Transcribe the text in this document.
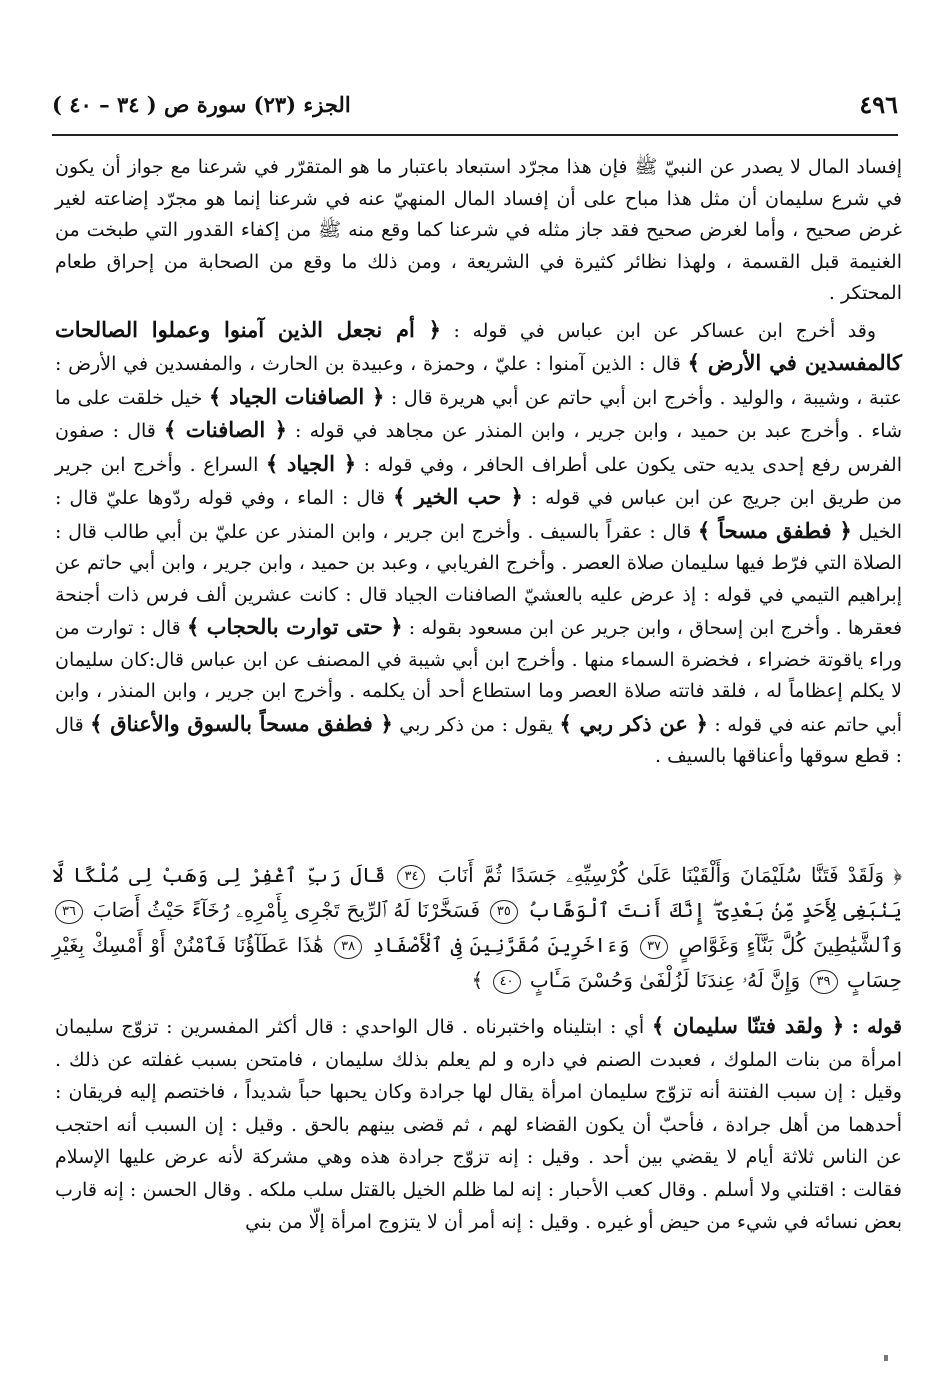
٤٩٦
الجزء (٢٣) سورة ص ( ٣٤ – ٤٠ )

إفساد المال لا يصدر عن النبيّ ﷺ فإن هذا مجرّد استبعاد باعتبار ما هو المتقرّر في شرعنا مع جواز أن يكون في شرع سليمان أن مثل هذا مباح على أن إفساد المال المنهيّ عنه في شرعنا إنما هو مجرّد إضاعته لغير غرض صحيح ، وأما لغرض صحيح فقد جاز مثله في شرعنا كما وقع منه ﷺ من إكفاء القدور التي طبخت من الغنيمة قبل القسمة ، ولهذا نظائر كثيرة في الشريعة ، ومن ذلك ما وقع من الصحابة من إحراق طعام المحتكر .

وقد أخرج ابن عساكر عن ابن عباس في قوله : ﴿ أم نجعل الذين آمنوا وعملوا الصالحات كالمفسدين في الأرض ﴾ قال : الذين آمنوا : عليّ ، وحمزة ، وعبيدة بن الحارث ، والمفسدين في الأرض : عتبة ، وشيبة ، والوليد . وأخرج ابن أبي حاتم عن أبي هريرة قال : ﴿ الصافنات الجياد ﴾ خيل خلقت على ما شاء . وأخرج عبد بن حميد ، وابن جرير ، وابن المنذر عن مجاهد في قوله : ﴿ الصافنات ﴾ قال : صفون الفرس رفع إحدى يديه حتى يكون على أطراف الحافر ، وفي قوله : ﴿ الجياد ﴾ السراع . وأخرج ابن جرير من طريق ابن جريج عن ابن عباس في قوله : ﴿ حب الخير ﴾ قال : الماء ، وفي قوله ردّوها عليّ قال : الخيل ﴿ فطفق مسحاً ﴾ قال : عقراً بالسيف . وأخرج ابن جرير ، وابن المنذر عن عليّ بن أبي طالب قال : الصلاة التي فرّط فيها سليمان صلاة العصر . وأخرج الفريابي ، وعبد بن حميد ، وابن جرير ، وابن أبي حاتم عن إبراهيم التيمي في قوله : إذ عرض عليه بالعشيّ الصافنات الجياد قال : كانت عشرين ألف فرس ذات أجنحة فعقرها . وأخرج ابن إسحاق ، وابن جرير عن ابن مسعود بقوله : ﴿ حتى توارت بالحجاب ﴾ قال : توارت من وراء ياقوتة خضراء ، فخضرة السماء منها . وأخرج ابن أبي شيبة في المصنف عن ابن عباس قال:كان سليمان لا يكلم إعظاماً له ، فلقد فاتته صلاة العصر وما استطاع أحد أن يكلمه . وأخرج ابن جرير ، وابن المنذر ، وابن أبي حاتم عنه في قوله : ﴿ عن ذكر ربي ﴾ يقول : من ذكر ربي ﴿ فطفق مسحاً بالسوق والأعناق ﴾ قال : قطع سوقها وأعناقها بالسيف .

﴿ وَلَقَدْ فَتَنَّا سُلَيْمَانَ وَأَلْقَيْنَا عَلَىٰ كُرْسِيِّهِۦ جَسَدًا ثُمَّ أَنَابَ ٣٤ قَالَ رَبِّ ٱغْفِرْ لِى وَهَبْ لِى مُلْكًا لَّا يَنۢبَغِى لِأَحَدٍ مِّنۢ بَعْدِىٓ ۖ إِنَّكَ أَنتَ ٱلْوَهَّابُ ٣٥ فَسَخَّرْنَا لَهُ ٱلرِّيحَ تَجْرِى بِأَمْرِهِۦ رُخَآءً حَيْثُ أَصَابَ ٣٦ وَٱلشَّيَٰطِينَ كُلَّ بَنَّآءٍ وَغَوَّاصٍ ٣٧ وَءَاخَرِينَ مُقَرَّنِينَ فِى ٱلْأَصْفَادِ ٣٨ هَٰذَا عَطَآؤُنَا فَٱمْنُنْ أَوْ أَمْسِكْ بِغَيْرِ حِسَابٍ ٣٩ وَإِنَّ لَهُۥ عِندَنَا لَزُلْفَىٰ وَحُسْنَ مَـَٔابٍ ٤٠ ﴾

قوله : ﴿ ولقد فتنّا سليمان ﴾ أي : ابتليناه واختبرناه . قال الواحدي : قال أكثر المفسرين : تزوّج سليمان امرأة من بنات الملوك ، فعبدت الصنم في داره و لم يعلم بذلك سليمان ، فامتحن بسبب غفلته عن ذلك . وقيل : إن سبب الفتنة أنه تزوّج سليمان امرأة يقال لها جرادة وكان يحبها حباً شديداً ، فاختصم إليه فريقان : أحدهما من أهل جرادة ، فأحبّ أن يكون القضاء لهم ، ثم قضى بينهم بالحق . وقيل : إن السبب أنه احتجب عن الناس ثلاثة أيام لا يقضي بين أحد . وقيل : إنه تزوّج جرادة هذه وهي مشركة لأنه عرض عليها الإسلام فقالت : اقتلني ولا أسلم . وقال كعب الأحبار : إنه لما ظلم الخيل بالقتل سلب ملكه . وقال الحسن : إنه قارب بعض نسائه في شيء من حيض أو غيره . وقيل : إنه أمر أن لا يتزوج امرأة إلّا من بني
